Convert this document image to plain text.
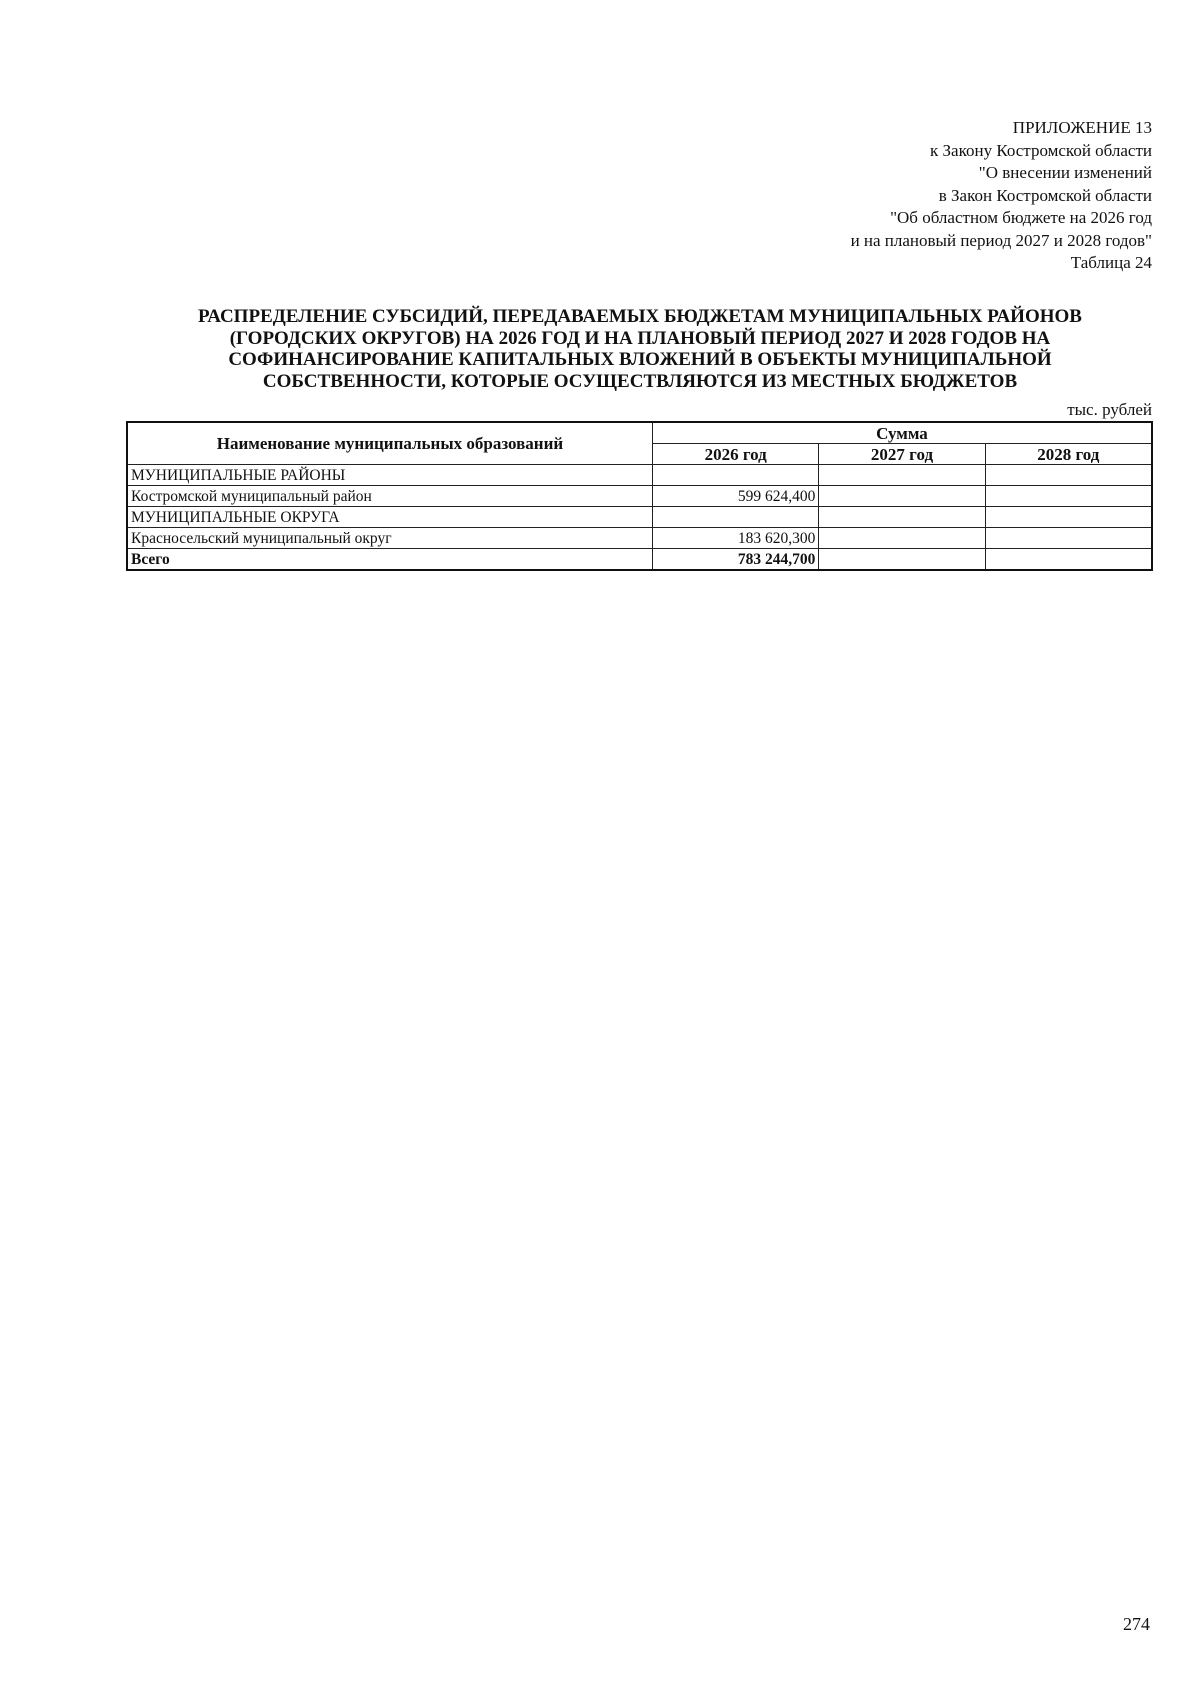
ПРИЛОЖЕНИЕ 13
к Закону Костромской области
"О внесении изменений
в Закон Костромской области
"Об областном бюджете на 2026 год
и на плановый период 2027 и 2028 годов"
Таблица 24
РАСПРЕДЕЛЕНИЕ СУБСИДИЙ, ПЕРЕДАВАЕМЫХ БЮДЖЕТАМ МУНИЦИПАЛЬНЫХ РАЙОНОВ
(ГОРОДСКИХ ОКРУГОВ) НА 2026 ГОД И НА ПЛАНОВЫЙ ПЕРИОД 2027 И 2028 ГОДОВ НА
СОФИНАНСИРОВАНИЕ КАПИТАЛЬНЫХ ВЛОЖЕНИЙ В ОБЪЕКТЫ МУНИЦИПАЛЬНОЙ
СОБСТВЕННОСТИ, КОТОРЫЕ ОСУЩЕСТВЛЯЮТСЯ ИЗ МЕСТНЫХ БЮДЖЕТОВ
тыс. рублей
Наименование муниципальных образований	Сумма		
	2026 год	2027 год	2028 год
МУНИЦИПАЛЬНЫЕ РАЙОНЫ			
Костромской муниципальный район	599 624,400		
МУНИЦИПАЛЬНЫЕ ОКРУГА			
Красносельский муниципальный округ	183 620,300		
Всего	783 244,700		
274
